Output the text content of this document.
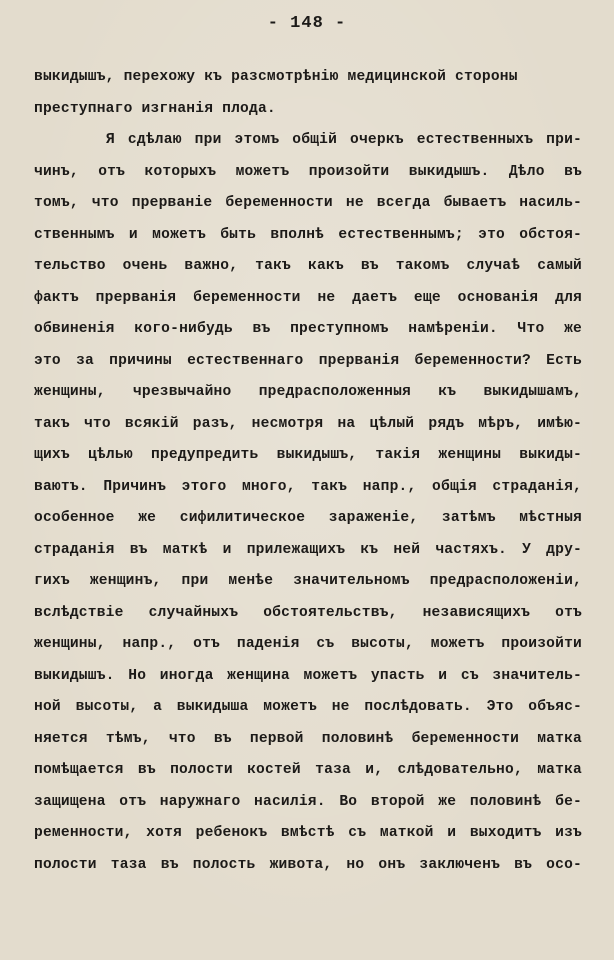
- 148 -
выкидышъ, перехожу къ разсмотрѣнію медицинской стороны
преступнаго изгнанія плода.
Я сдѣлаю при этомъ общій очеркъ естественныхъ при-
чинъ, отъ которыхъ можетъ произойти выкидышъ. Дѣло въ
томъ, что прерваніе беременности не всегда бываетъ насиль-
ственнымъ и можетъ быть вполнѣ естественнымъ; это обстоя-
тельство очень важно, такъ какъ въ такомъ случаѣ самый
фактъ прерванія беременности не даетъ еще основанія для
обвиненія кого-нибудь въ преступномъ намѣреніи. Что же
это за причины естественнаго прерванія беременности? Есть
женщины, чрезвычайно предрасположенныя къ выкидышамъ,
такъ что всякій разъ, несмотря на цѣлый рядъ мѣръ, имѣю-
щихъ цѣлью предупредить выкидышъ, такія женщины выкиды-
ваютъ. Причинъ этого много, такъ напр., общія страданія,
особенное же сифилитическое зараженіе, затѣмъ мѣстныя
страданія въ маткѣ и прилежащихъ къ ней частяхъ. У дру-
гихъ женщинъ, при менѣе значительномъ предрасположеніи,
вслѣдствіе случайныхъ обстоятельствъ, независящихъ отъ
женщины, напр., отъ паденія съ высоты, можетъ произойти
выкидышъ. Но иногда женщина можетъ упасть и съ значитель-
ной высоты, а выкидыша можетъ не послѣдовать. Это объяс-
няется тѣмъ, что въ первой половинѣ беременности матка
помѣщается въ полости костей таза и, слѣдовательно, матка
защищена отъ наружнаго насилія. Во второй же половинѣ бе-
ременности, хотя ребенокъ вмѣстѣ съ маткой и выходитъ изъ
полости таза въ полость живота, но онъ заключенъ въ осо-
